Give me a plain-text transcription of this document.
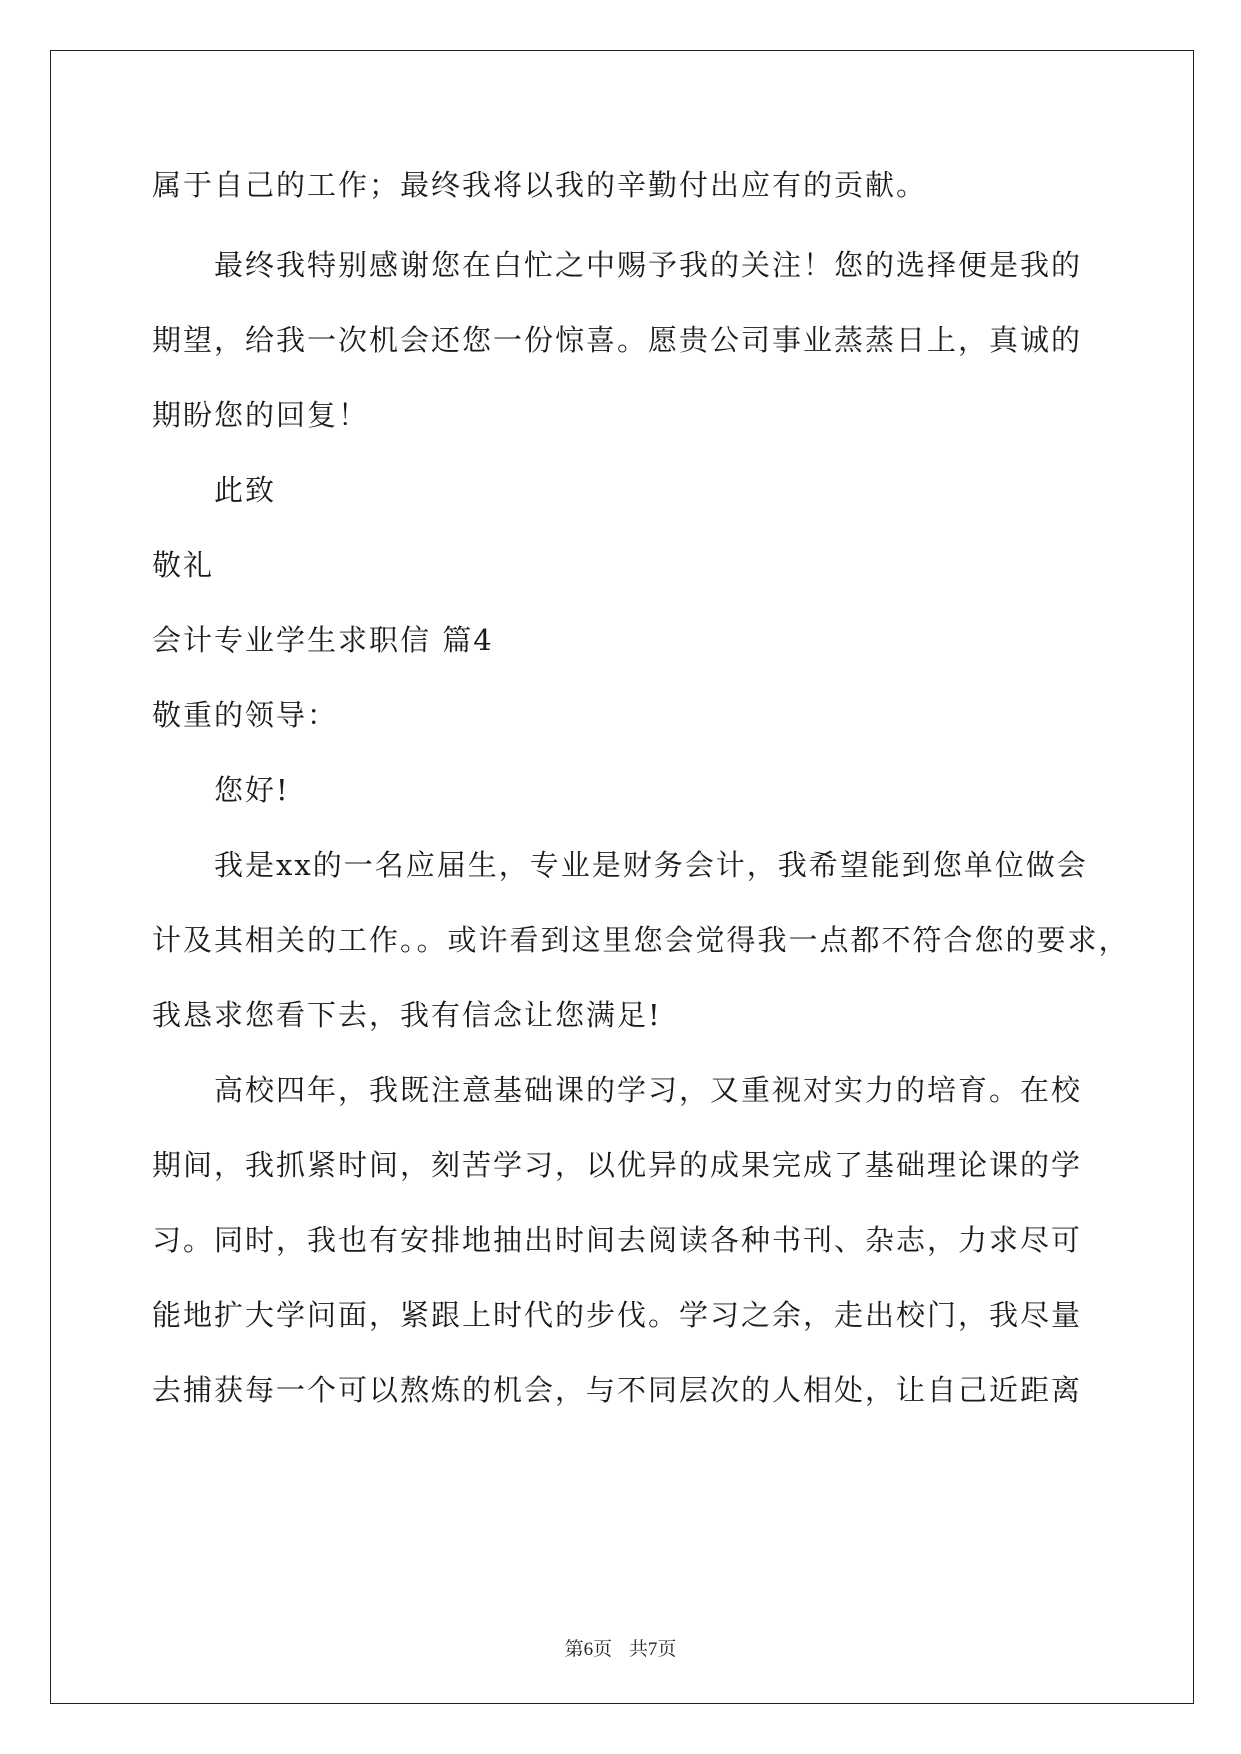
属于自己的工作；最终我将以我的辛勤付出应有的贡献。
最终我特别感谢您在白忙之中赐予我的关注！您的选择便是我的
期望，给我一次机会还您一份惊喜。愿贵公司事业蒸蒸日上，真诚的
期盼您的回复！
此致
敬礼
会计专业学生求职信 篇4
敬重的领导：
您好!
我是xx的一名应届生，专业是财务会计，我希望能到您单位做会
计及其相关的工作。。或许看到这里您会觉得我一点都不符合您的要求，
我恳求您看下去，我有信念让您满足!
高校四年，我既注意基础课的学习，又重视对实力的培育。在校
期间，我抓紧时间，刻苦学习，以优异的成果完成了基础理论课的学
习。同时，我也有安排地抽出时间去阅读各种书刊、杂志，力求尽可
能地扩大学问面，紧跟上时代的步伐。学习之余，走出校门，我尽量
去捕获每一个可以熬炼的机会，与不同层次的人相处，让自己近距离
第6页 共7页
